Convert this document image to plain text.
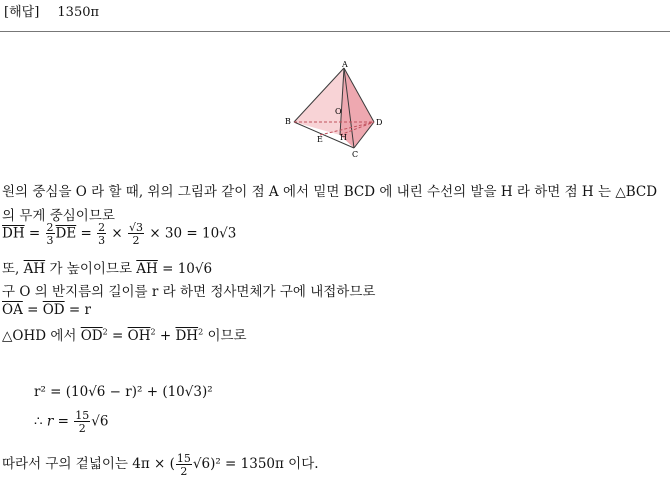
[해답] 1350π
A
B
C
D
O
H
E
원의 중심을 O 라 할 때, 위의 그림과 같이 점 A 에서 밑면 BCD 에 내린 수선의 발을 H 라 하면 점 H 는 △BCD
의 무게 중심이므로
$\overline{DH} = \frac{2}{3} \overline{DE} = \frac{2}{3} \times \frac{√3}{2} \times 30 = 10√3$
또, $\overline{AH}$ 가 높이이므로 $\overline{AH} = 10√6$
구 O 의 반지름의 길이를 r 라 하면 정사면체가 구에 내접하므로
$\overline{OA} = \overline{OD} = r$
△OHD 에서 $\overline{OD}^2 = \overline{OH}^2 + \overline{DH}^2$ 이므로
r² = (10√6 − r)² + (10√3)²
∴ $r = \frac{15}{2} √6$
따라서 구의 겉넓이는 4π × ( $\frac{15}{2} √6)^2 = 1350\pi$ 이다.
